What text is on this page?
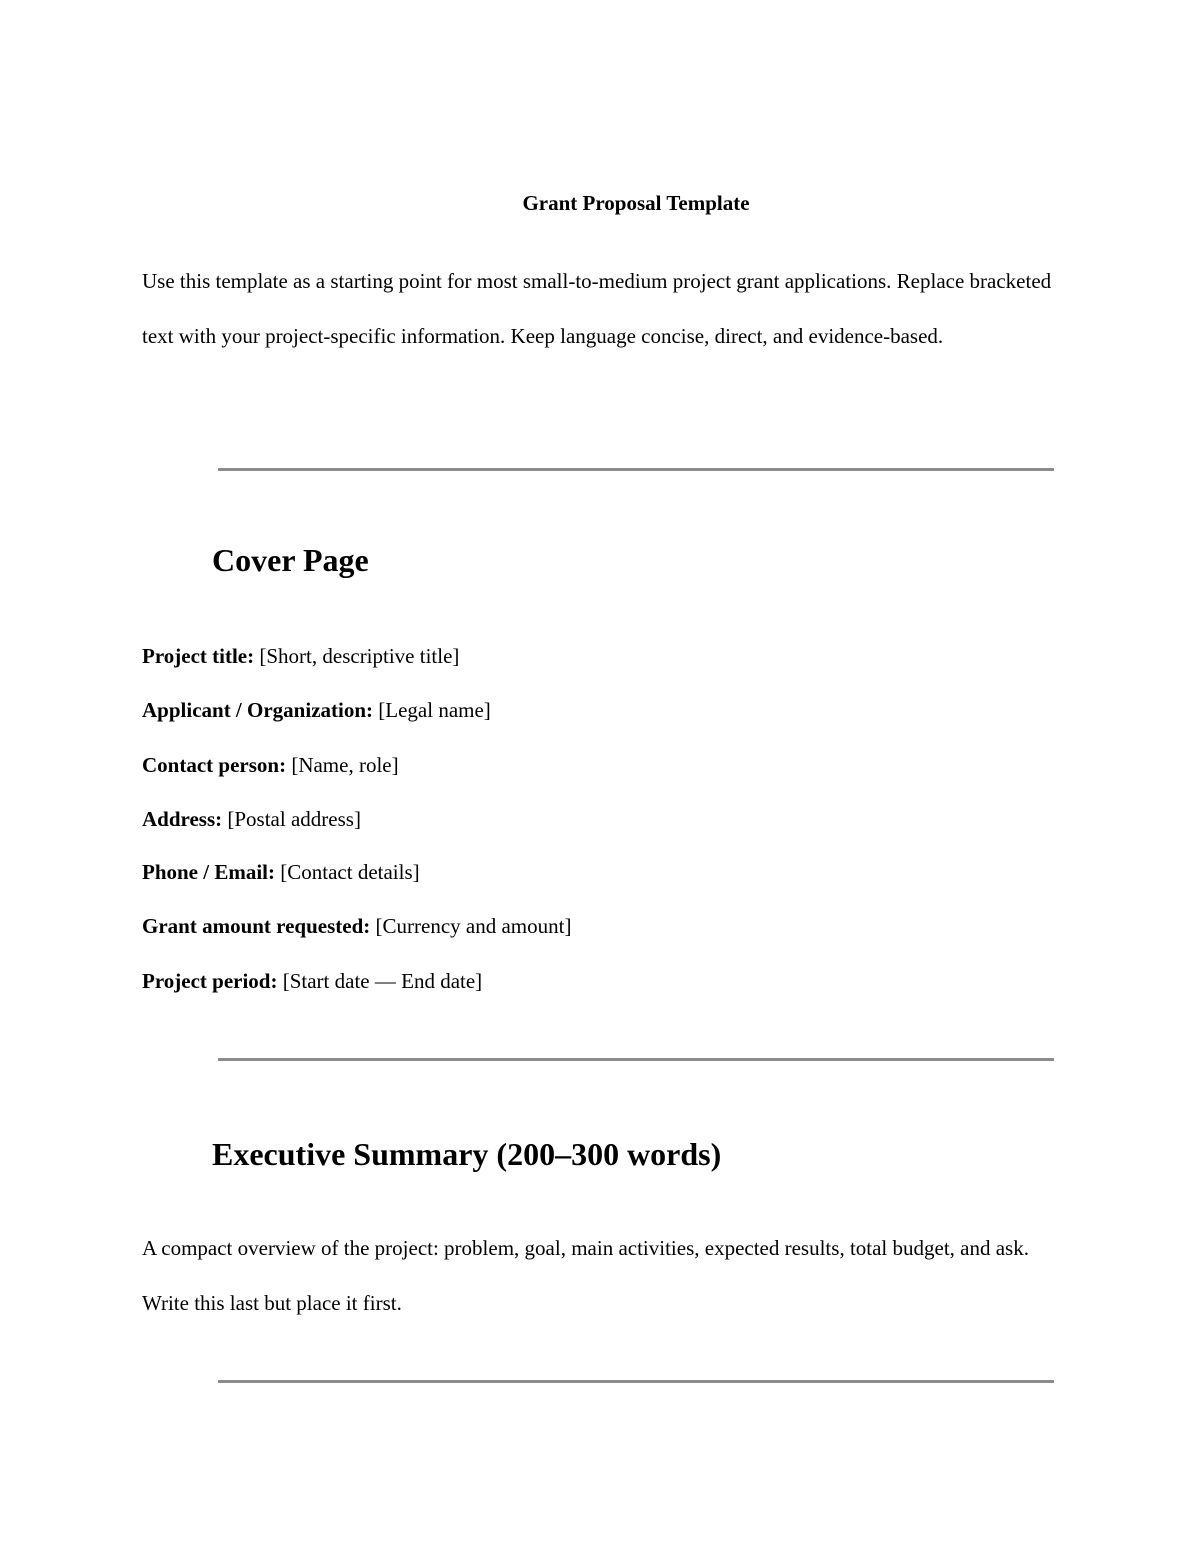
Grant Proposal Template

Use this template as a starting point for most small-to-medium project grant applications. Replace bracketed text with your project-specific information. Keep language concise, direct, and evidence-based.

Cover Page
Project title: [Short, descriptive title]
Applicant / Organization: [Legal name]
Contact person: [Name, role]
Address: [Postal address]
Phone / Email: [Contact details]
Grant amount requested: [Currency and amount]
Project period: [Start date — End date]
Executive Summary (200–300 words)

A compact overview of the project: problem, goal, main activities, expected results, total budget, and ask. Write this last but place it first.
